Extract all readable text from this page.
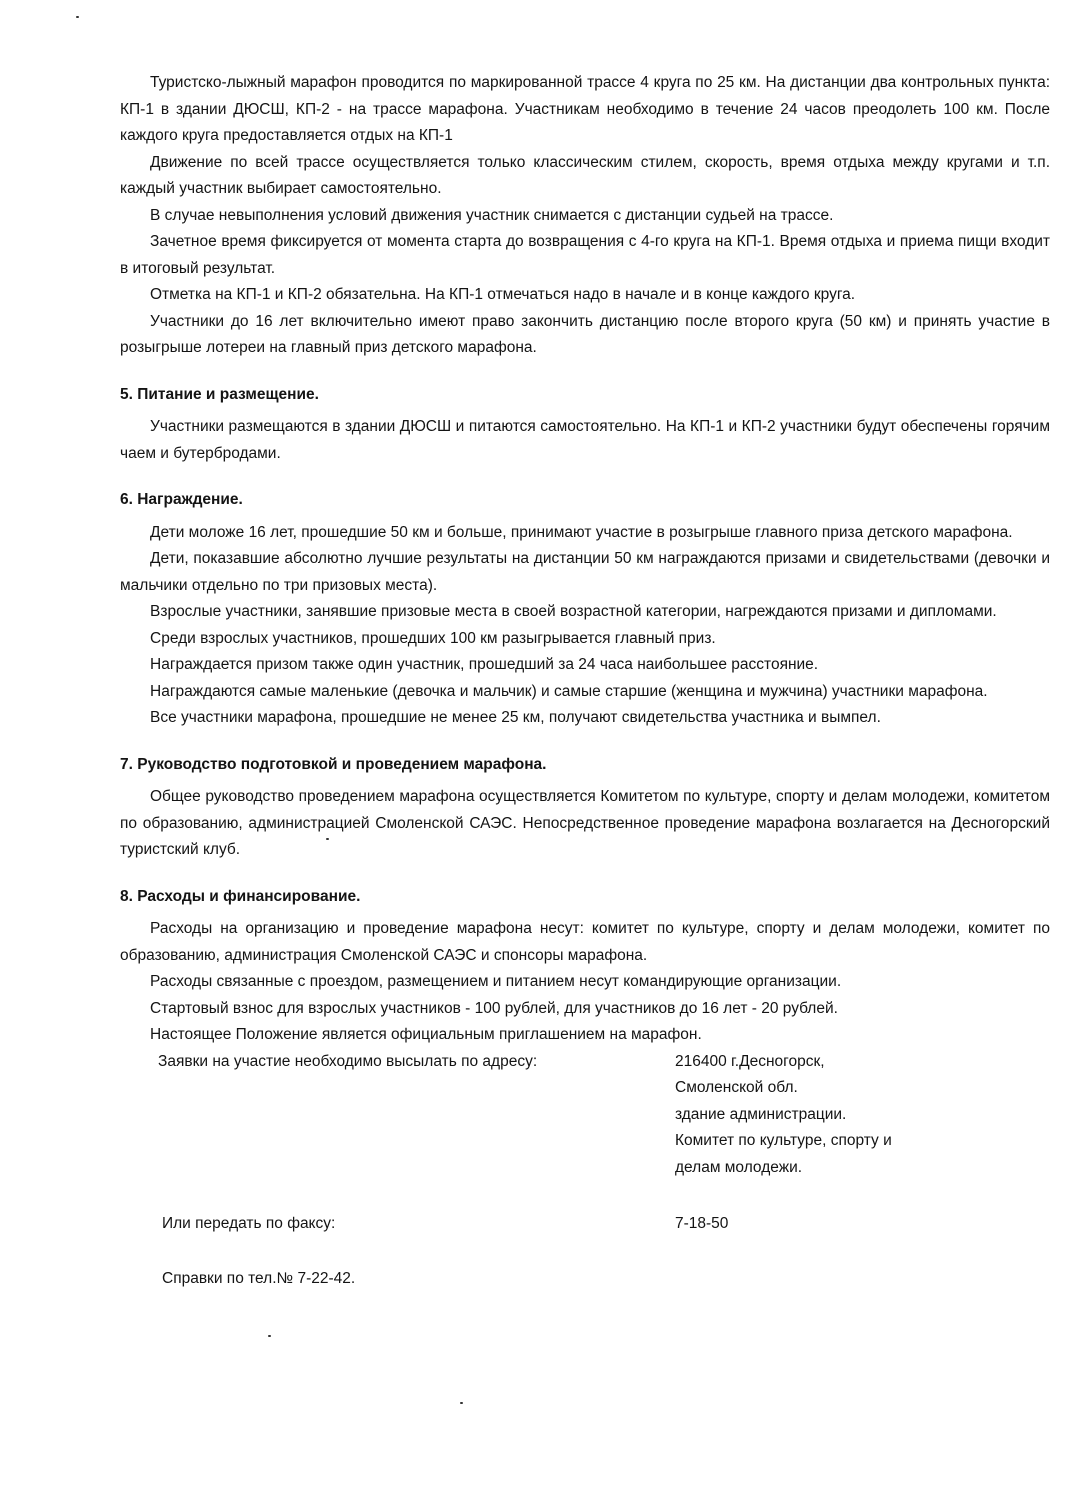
Туристско-лыжный марафон проводится по маркированной трассе 4 круга по 25 км. На дистанции два контрольных пункта: КП-1 в здании ДЮСШ, КП-2 - на трассе марафона. Участникам необходимо в течение 24 часов преодолеть 100 км. После каждого круга предоставляется отдых на КП-1

Движение по всей трассе осуществляется только классическим стилем, скорость, время отдыха между кругами и т.п. каждый участник выбирает самостоятельно.

В случае невыполнения условий движения участник снимается с дистанции судьей на трассе.

Зачетное время фиксируется от момента старта до возвращения с 4-го круга на КП-1. Время отдыха и приема пищи входит в итоговый результат.

Отметка на КП-1 и КП-2 обязательна. На КП-1 отмечаться надо в начале и в конце каждого круга.

Участники до 16 лет включительно имеют право закончить дистанцию после второго круга (50 км) и принять участие в розыгрыше лотереи на главный приз детского марафона.

5. Питание и размещение.

Участники размещаются в здании ДЮСШ и питаются самостоятельно. На КП-1 и КП-2 участники будут обеспечены горячим чаем и бутербродами.

6. Награждение.

Дети моложе 16 лет, прошедшие 50 км и больше, принимают участие в розыгрыше главного приза детского марафона.

Дети, показавшие абсолютно лучшие результаты на дистанции 50 км награждаются призами и свидетельствами (девочки и мальчики отдельно по три призовых места).

Взрослые участники, занявшие призовые места в своей возрастной категории, нагреждаются призами и дипломами.

Среди взрослых участников, прошедших 100 км разыгрывается главный приз.

Награждается призом также один участник, прошедший за 24 часа наибольшее расстояние.

Награждаются самые маленькие (девочка и мальчик) и самые старшие (женщина и мужчина) участники марафона.

Все участники марафона, прошедшие не менее 25 км, получают свидетельства участника и вымпел.

7. Руководство подготовкой и проведением марафона.

Общее руководство проведением марафона осуществляется Комитетом по культуре, спорту и делам молодежи, комитетом по образованию, администрацией Смоленской САЭС. Непосредственное проведение марафона возлагается на Десногорский туристский клуб.

8. Расходы и финансирование.

Расходы на организацию и проведение марафона несут: комитет по культуре, спорту и делам молодежи, комитет по образованию, администрация Смоленской САЭС и спонсоры марафона.

Расходы связанные с проездом, размещением и питанием несут командирующие организации.

Стартовый взнос для взрослых участников - 100 рублей, для участников до 16 лет - 20 рублей.

Настоящее Положение является официальным приглашением на марафон.

Заявки на участие необходимо высылать по адресу:	216400 г.Десногорск,
Смоленской обл.
здание администрации.
Комитет по культуре, спорту и
делам молодежи.
Или передать по факсу:	7-18-50
Справки по тел.№ 7-22-42.
